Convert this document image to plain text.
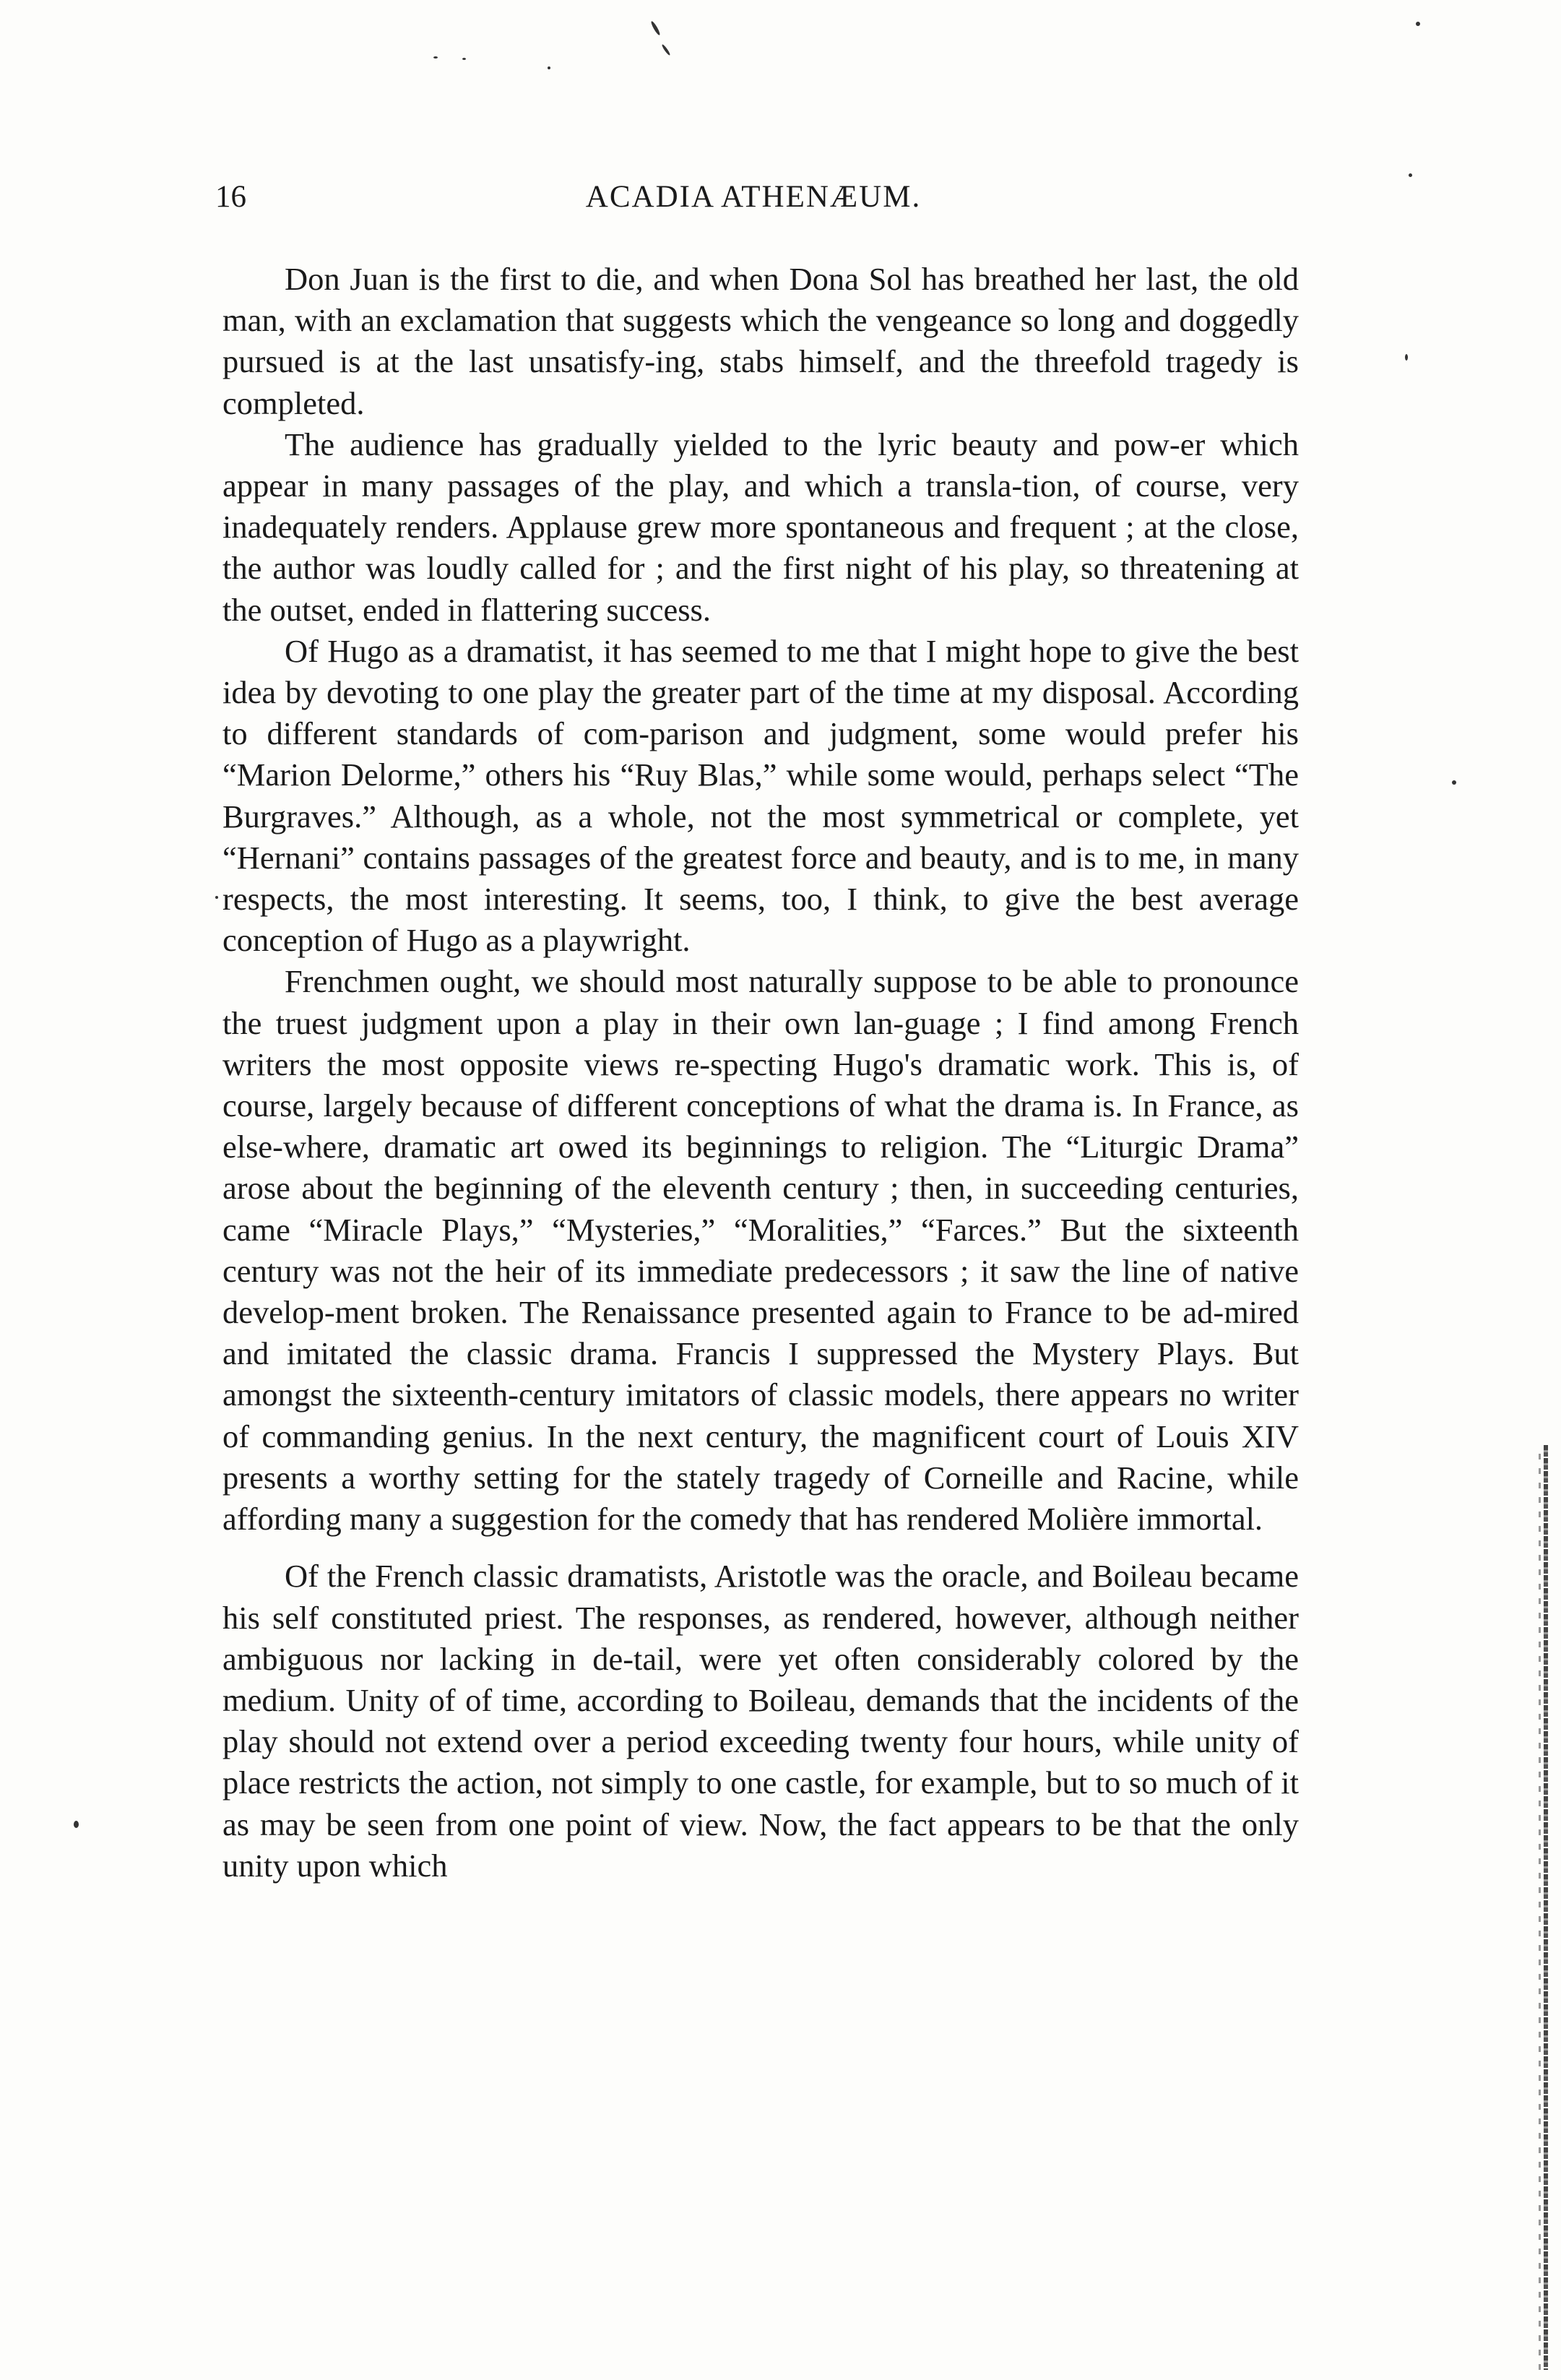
16	ACADIA ATHENÆUM.

Don Juan is the first to die, and when Dona Sol has breathed her last, the old man, with an exclamation that suggests which the vengeance so long and doggedly pursued is at the last unsatisfy-ing, stabs himself, and the threefold tragedy is completed.

The audience has gradually yielded to the lyric beauty and pow-er which appear in many passages of the play, and which a transla-tion, of course, very inadequately renders. Applause grew more spontaneous and frequent ; at the close, the author was loudly called for ; and the first night of his play, so threatening at the outset, ended in flattering success.

Of Hugo as a dramatist, it has seemed to me that I might hope to give the best idea by devoting to one play the greater part of the time at my disposal. According to different standards of com-parison and judgment, some would prefer his “Marion Delorme,” others his “Ruy Blas,” while some would, perhaps select “The Burgraves.” Although, as a whole, not the most symmetrical or complete, yet “Hernani” contains passages of the greatest force and beauty, and is to me, in many respects, the most interesting. It seems, too, I think, to give the best average conception of Hugo as a playwright.

Frenchmen ought, we should most naturally suppose to be able to pronounce the truest judgment upon a play in their own lan-guage ; I find among French writers the most opposite views re-specting Hugo's dramatic work. This is, of course, largely because of different conceptions of what the drama is. In France, as else-where, dramatic art owed its beginnings to religion. The “Liturgic Drama” arose about the beginning of the eleventh century ; then, in succeeding centuries, came “Miracle Plays,” “Mysteries,” “Moralities,” “Farces.” But the sixteenth century was not the heir of its immediate predecessors ; it saw the line of native develop-ment broken. The Renaissance presented again to France to be ad-mired and imitated the classic drama. Francis I suppressed the Mystery Plays. But amongst the sixteenth-century imitators of classic models, there appears no writer of commanding genius. In the next century, the magnificent court of Louis XIV presents a worthy setting for the stately tragedy of Corneille and Racine, while affording many a suggestion for the comedy that has rendered Molière immortal.

Of the French classic dramatists, Aristotle was the oracle, and Boileau became his self constituted priest. The responses, as rendered, however, although neither ambiguous nor lacking in de-tail, were yet often considerably colored by the medium. Unity of of time, according to Boileau, demands that the incidents of the play should not extend over a period exceeding twenty four hours, while unity of place restricts the action, not simply to one castle, for example, but to so much of it as may be seen from one point of view. Now, the fact appears to be that the only unity upon which
